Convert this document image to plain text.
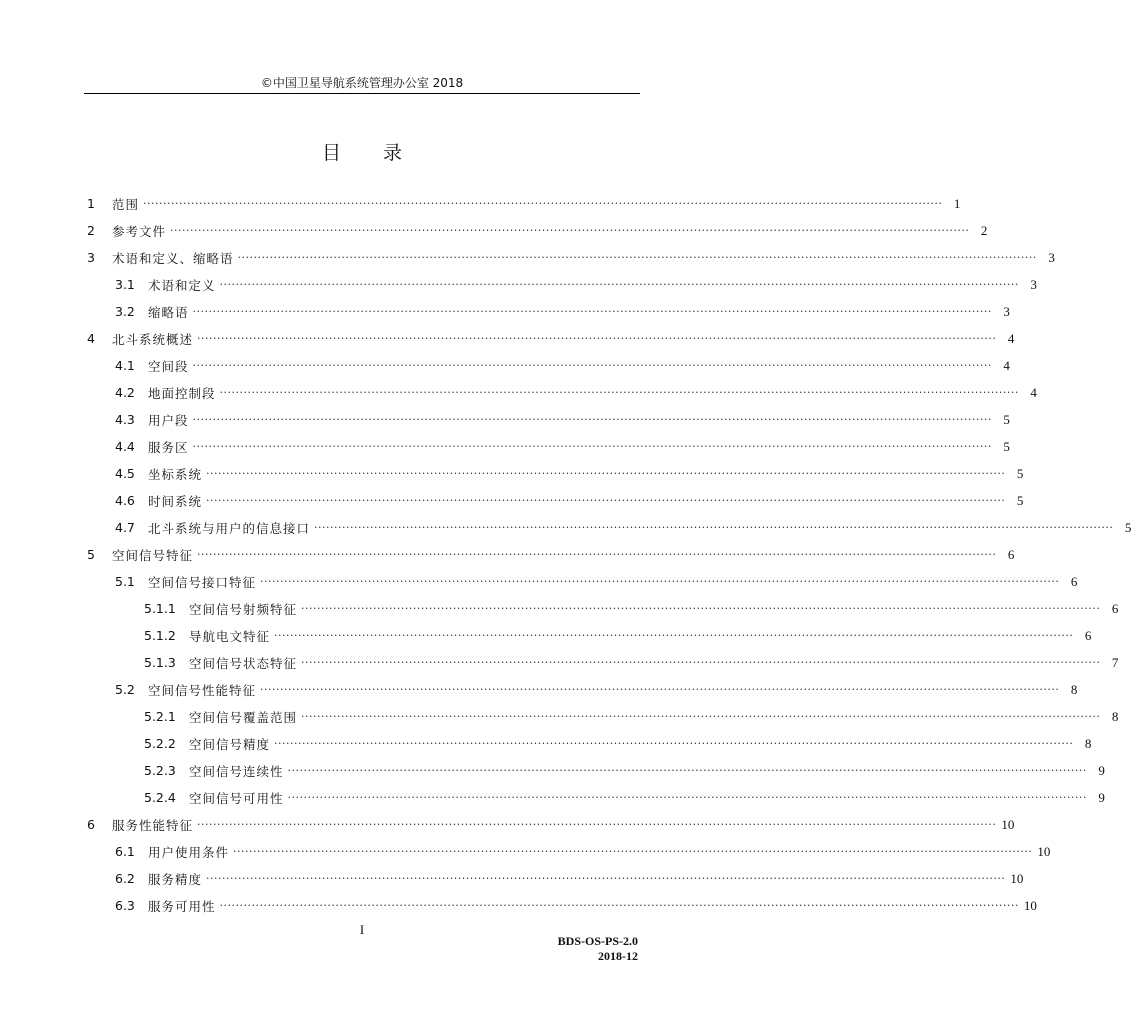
©中国卫星导航系统管理办公室 2018
目 录
1	范围 ········································································································································································································ 1
2	参考文件 ········································································································································································································ 2
3	术语和定义、缩略语 ········································································································································································································ 3
3.1	术语和定义 ········································································································································································································ 3
3.2	缩略语 ········································································································································································································ 3
4	北斗系统概述 ········································································································································································································ 4
4.1	空间段 ········································································································································································································ 4
4.2	地面控制段 ········································································································································································································ 4
4.3	用户段 ········································································································································································································ 5
4.4	服务区 ········································································································································································································ 5
4.5	坐标系统 ········································································································································································································ 5
4.6	时间系统 ········································································································································································································ 5
4.7	北斗系统与用户的信息接口 ········································································································································································································ 5
5	空间信号特征 ········································································································································································································ 6
5.1	空间信号接口特征 ········································································································································································································ 6
5.1.1	空间信号射频特征 ········································································································································································································ 6
5.1.2	导航电文特征 ········································································································································································································ 6
5.1.3	空间信号状态特征 ········································································································································································································ 7
5.2	空间信号性能特征 ········································································································································································································ 8
5.2.1	空间信号覆盖范围 ········································································································································································································ 8
5.2.2	空间信号精度 ········································································································································································································ 8
5.2.3	空间信号连续性 ········································································································································································································ 9
5.2.4	空间信号可用性 ········································································································································································································ 9
6	服务性能特征 ········································································································································································································ 10
6.1	用户使用条件 ········································································································································································································ 10
6.2	服务精度 ········································································································································································································ 10
6.3	服务可用性 ········································································································································································································ 10
I
BDS-OS-PS-2.0
2018-12
